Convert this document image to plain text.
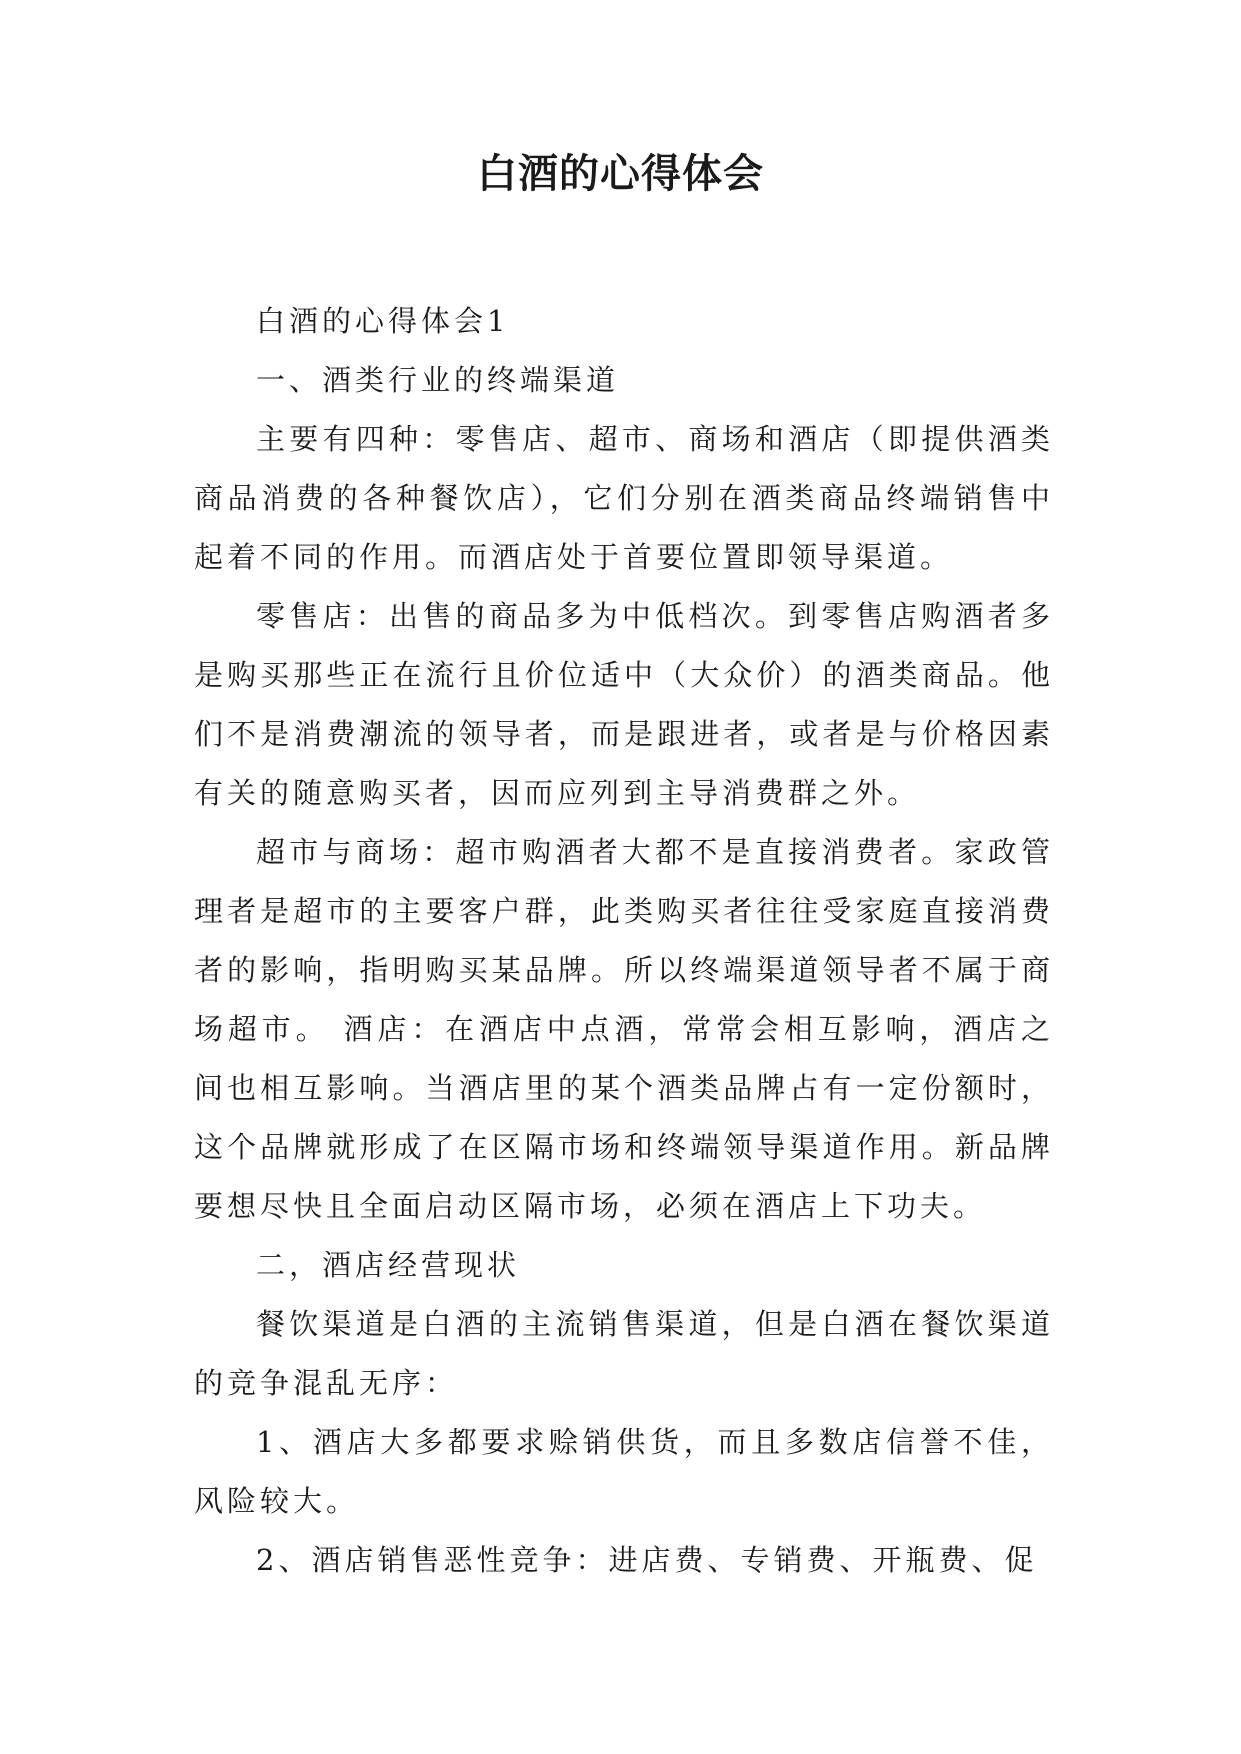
白酒的心得体会

白酒的心得体会1

一、酒类行业的终端渠道

主要有四种：零售店、超市、商场和酒店（即提供酒类商品消费的各种餐饮店），它们分别在酒类商品终端销售中起着不同的作用。而酒店处于首要位置即领导渠道。

零售店：出售的商品多为中低档次。到零售店购酒者多是购买那些正在流行且价位适中（大众价）的酒类商品。他们不是消费潮流的领导者，而是跟进者，或者是与价格因素有关的随意购买者，因而应列到主导消费群之外。

超市与商场：超市购酒者大都不是直接消费者。家政管理者是超市的主要客户群，此类购买者往往受家庭直接消费者的影响，指明购买某品牌。所以终端渠道领导者不属于商场超市。 酒店：在酒店中点酒，常常会相互影响，酒店之间也相互影响。当酒店里的某个酒类品牌占有一定份额时，这个品牌就形成了在区隔市场和终端领导渠道作用。新品牌要想尽快且全面启动区隔市场，必须在酒店上下功夫。

二，酒店经营现状

餐饮渠道是白酒的主流销售渠道，但是白酒在餐饮渠道的竞争混乱无序：

1、酒店大多都要求赊销供货，而且多数店信誉不佳，风险较大。

2、酒店销售恶性竞争：进店费、专销费、开瓶费、促
